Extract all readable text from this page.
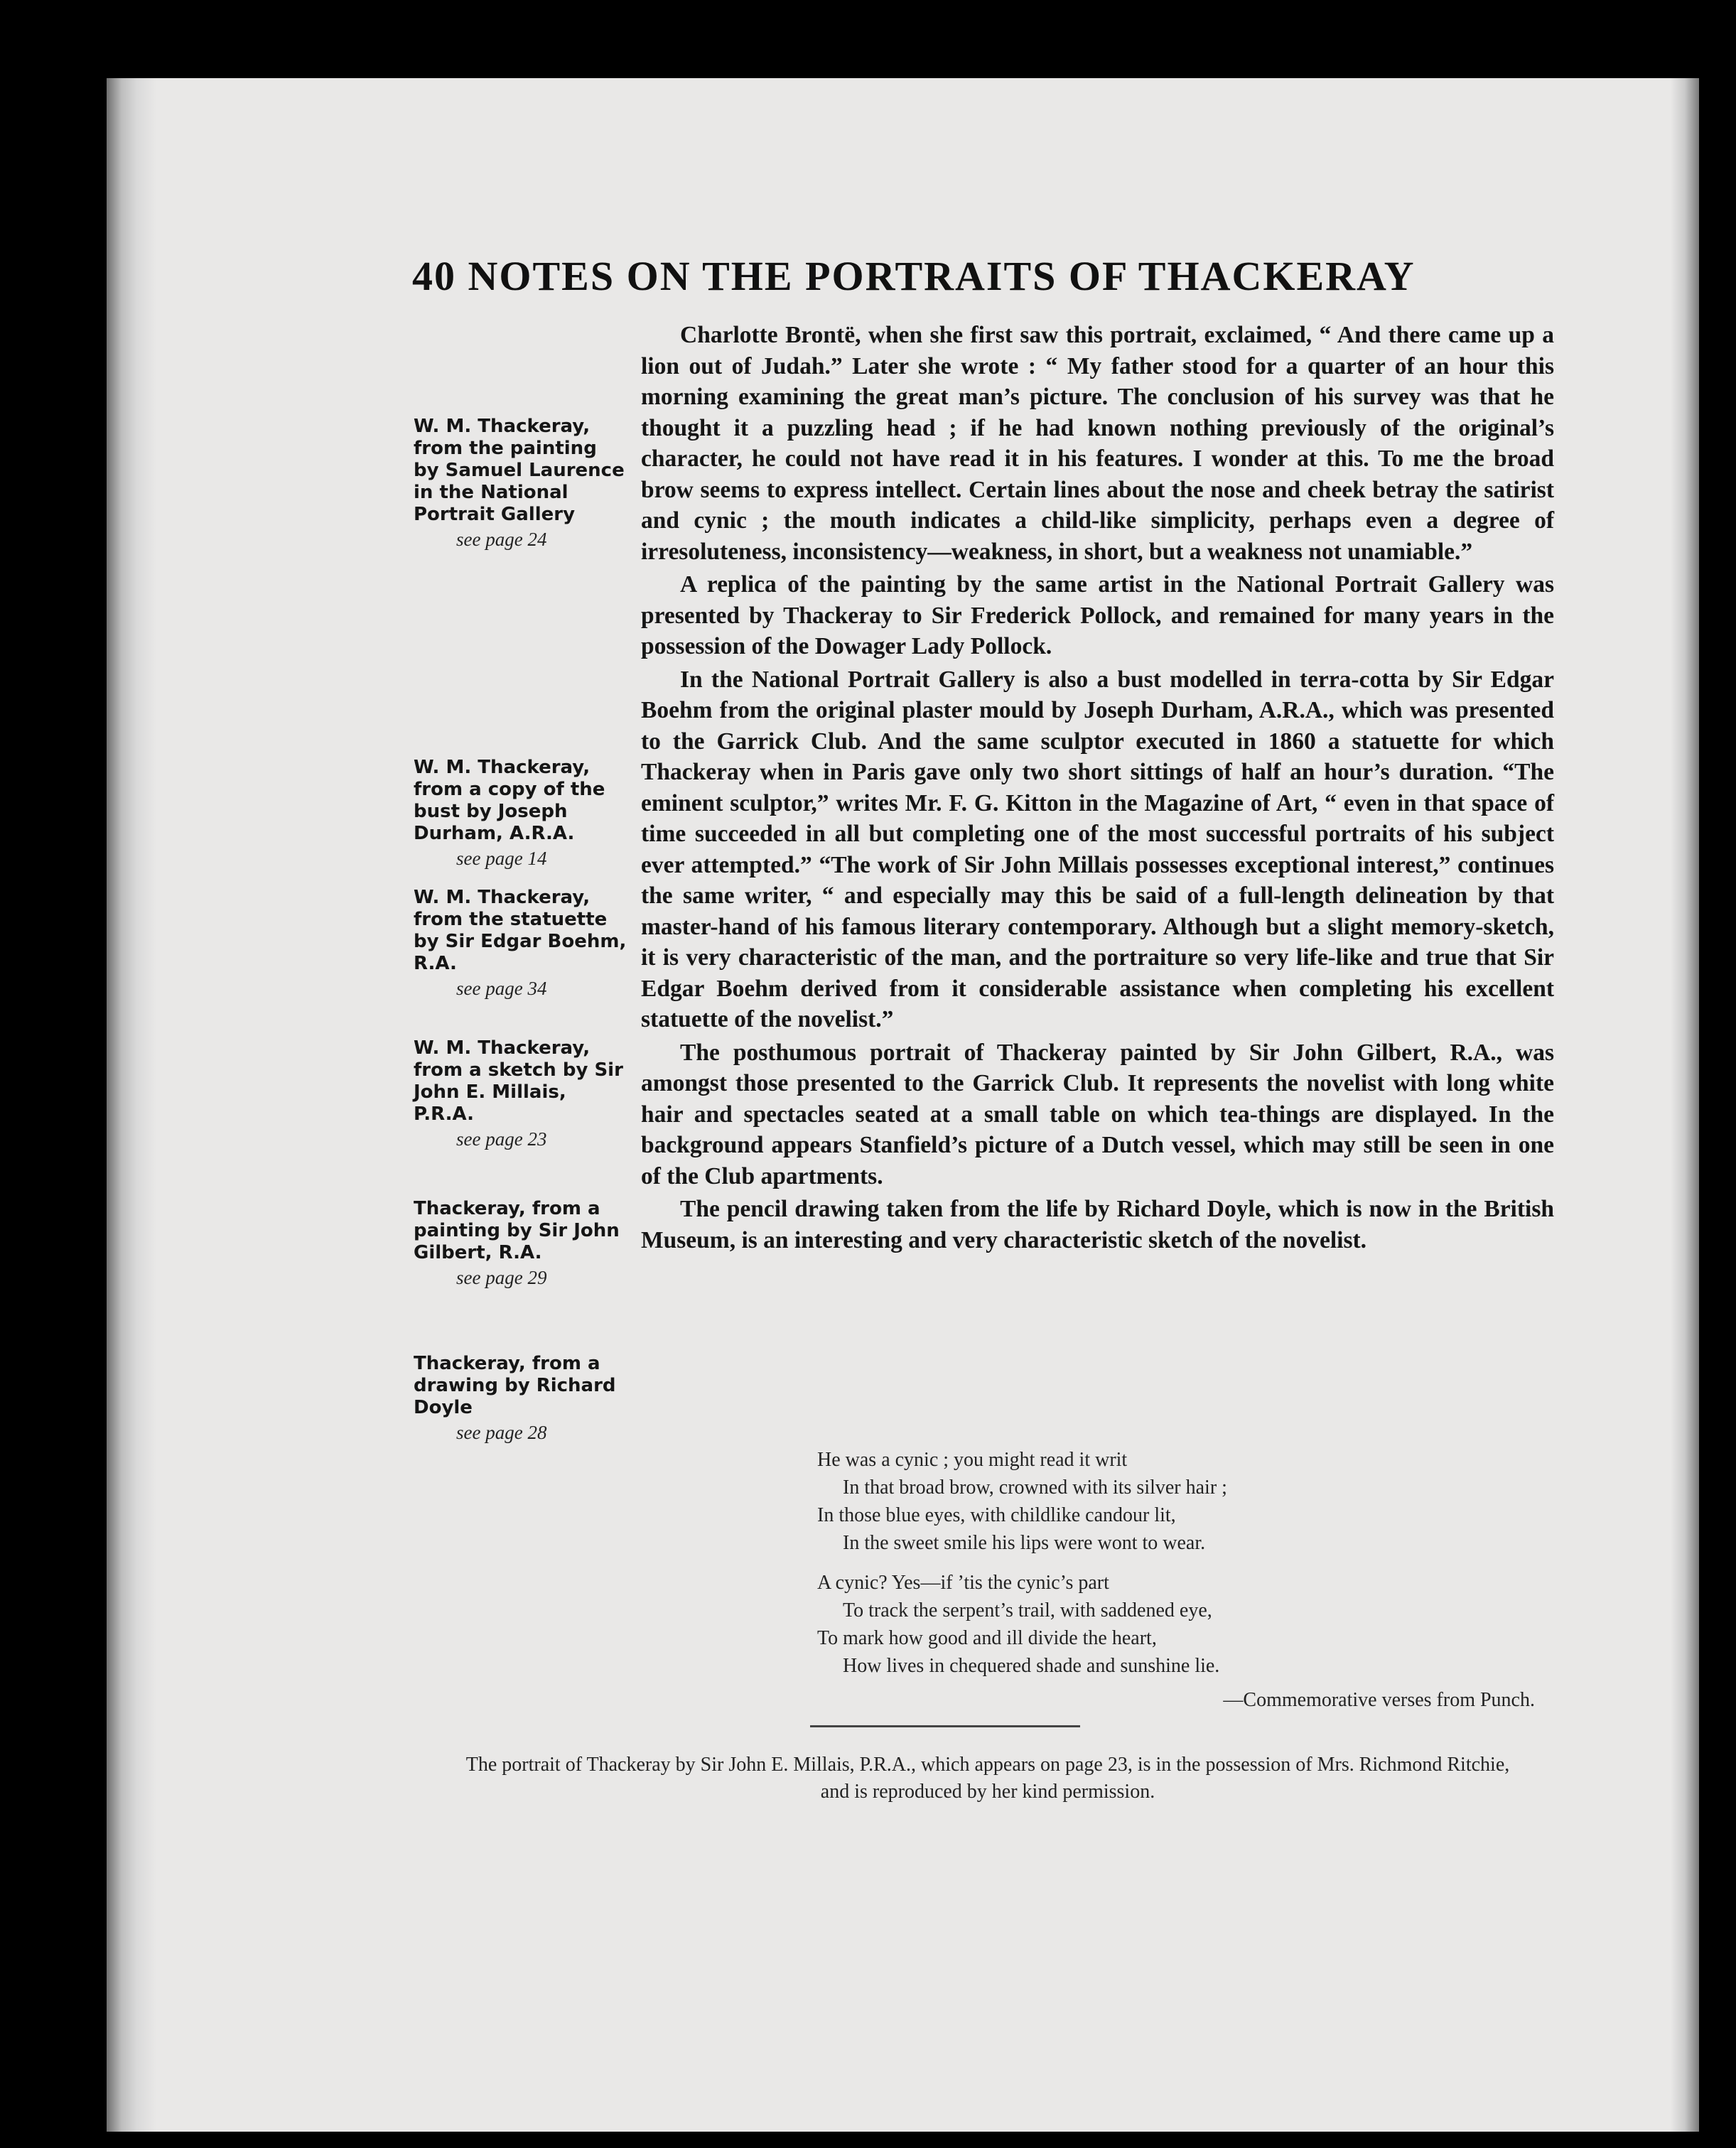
40 NOTES ON THE PORTRAITS OF THACKERAY
W. M. Thackeray, from the painting by Samuel Laurence in the National Portrait Gallery
see page 24
W. M. Thackeray, from a copy of the bust by Joseph Durham, A.R.A.
see page 14
W. M. Thackeray, from the statuette by Sir Edgar Boehm, R.A.
see page 34
W. M. Thackeray, from a sketch by Sir John E. Millais, P.R.A.
see page 23
Thackeray, from a painting by Sir John Gilbert, R.A.
see page 29
Thackeray, from a drawing by Richard Doyle
see page 28

Charlotte Brontë, when she first saw this portrait, exclaimed, “ And there came up a lion out of Judah.” Later she wrote : “ My father stood for a quarter of an hour this morning examining the great man’s picture. The conclusion of his survey was that he thought it a puzzling head ; if he had known nothing previously of the original’s character, he could not have read it in his features. I wonder at this. To me the broad brow seems to express intellect. Certain lines about the nose and cheek betray the satirist and cynic ; the mouth indicates a child-like simplicity, perhaps even a degree of irresoluteness, inconsistency—weakness, in short, but a weakness not unamiable.”

A replica of the painting by the same artist in the National Portrait Gallery was presented by Thackeray to Sir Frederick Pollock, and remained for many years in the possession of the Dowager Lady Pollock.

In the National Portrait Gallery is also a bust modelled in terra-cotta by Sir Edgar Boehm from the original plaster mould by Joseph Durham, A.R.A., which was presented to the Garrick Club. And the same sculptor executed in 1860 a statuette for which Thackeray when in Paris gave only two short sittings of half an hour’s duration. “The eminent sculptor,” writes Mr. F. G. Kitton in the Magazine of Art, “ even in that space of time succeeded in all but completing one of the most successful portraits of his subject ever attempted.” “The work of Sir John Millais possesses exceptional interest,” continues the same writer, “ and especially may this be said of a full-length delineation by that master-hand of his famous literary contemporary. Although but a slight memory-sketch, it is very characteristic of the man, and the portraiture so very life-like and true that Sir Edgar Boehm derived from it considerable assistance when completing his excellent statuette of the novelist.”

The posthumous portrait of Thackeray painted by Sir John Gilbert, R.A., was amongst those presented to the Garrick Club. It represents the novelist with long white hair and spectacles seated at a small table on which tea-things are displayed. In the background appears Stanfield’s picture of a Dutch vessel, which may still be seen in one of the Club apartments.

The pencil drawing taken from the life by Richard Doyle, which is now in the British Museum, is an interesting and very characteristic sketch of the novelist.

He was a cynic ; you might read it writ
In that broad brow, crowned with its silver hair ;
In those blue eyes, with childlike candour lit,
In the sweet smile his lips were wont to wear.
A cynic? Yes—if ’tis the cynic’s part
To track the serpent’s trail, with saddened eye,
To mark how good and ill divide the heart,
How lives in chequered shade and sunshine lie.
—Commemorative verses from Punch.
The portrait of Thackeray by Sir John E. Millais, P.R.A., which appears on page 23, is in the possession of Mrs. Richmond Ritchie, and is reproduced by her kind permission.
